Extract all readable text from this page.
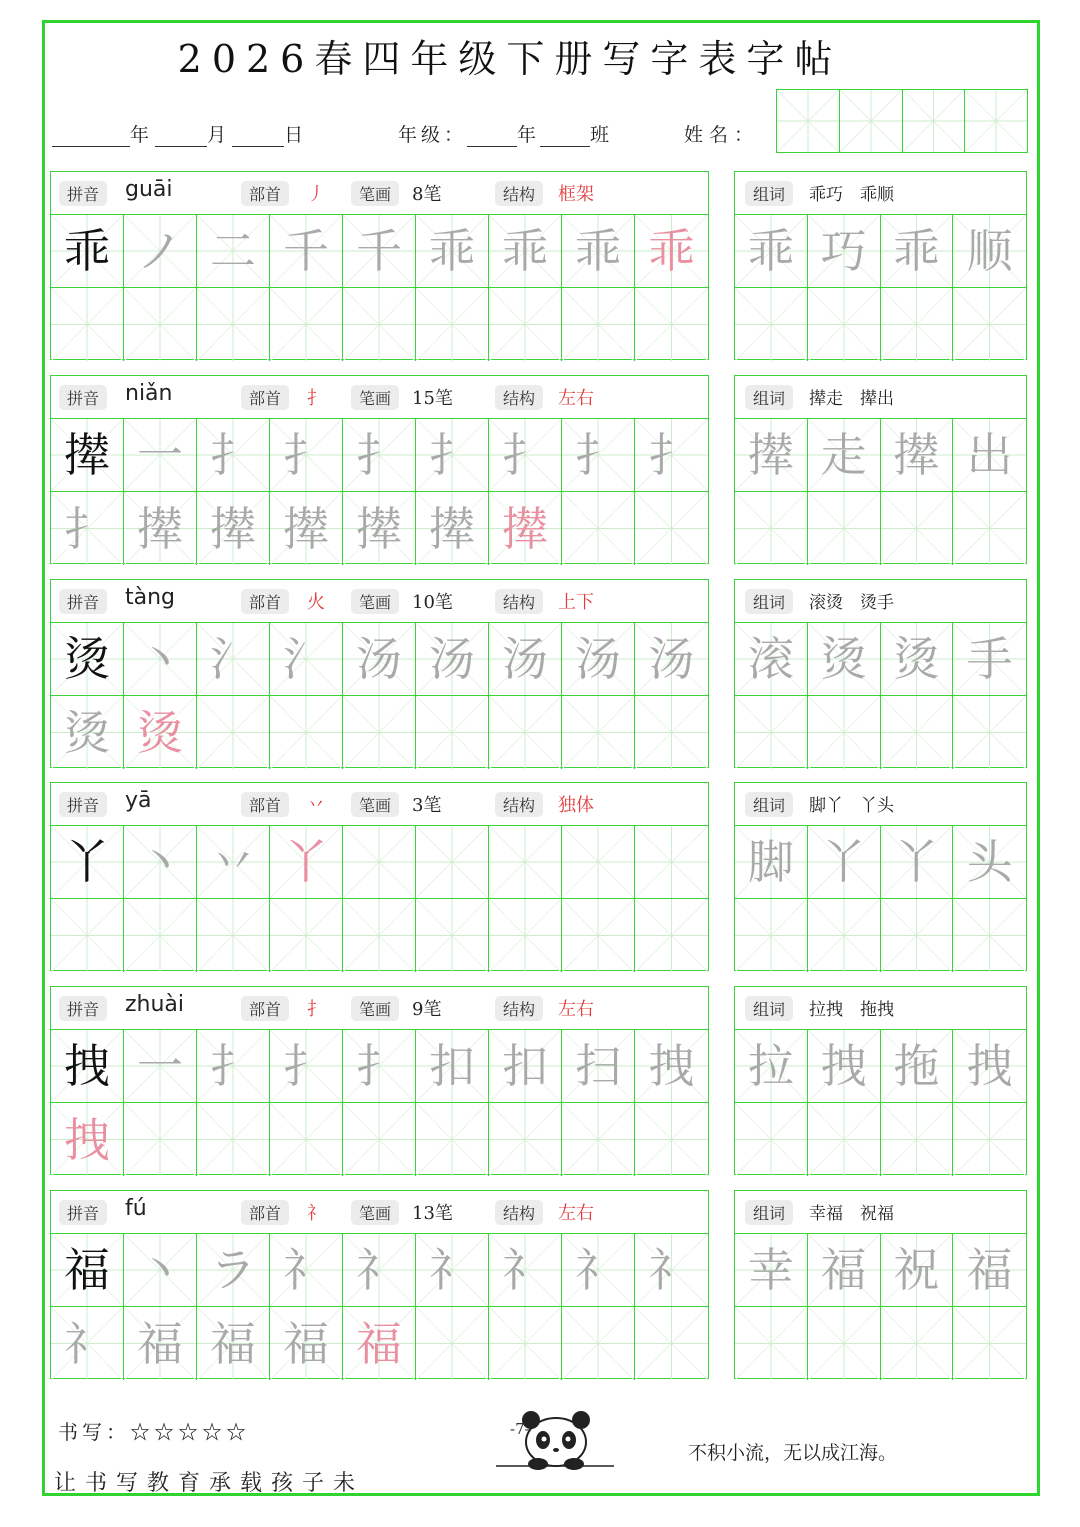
2026春四年级下册写字表字帖
年	月	日	年级：	年	班	姓名：
拼音	guāi	部首	丿	笔画	8笔	结构	框架
乖 ノ 二 千 千 乖 乖 乖 乖
组词	乖巧　乖顺
乖 巧 乖 顺
拼音	niǎn	部首	扌	笔画	15笔	结构	左右
撵 一 扌 扌 扌 扌 扌 扌 扌
扌 撵 撵 撵 撵 撵 撵
组词	撵走　撵出
撵 走 撵 出
拼音	tàng	部首	火	笔画	10笔	结构	上下
烫 丶 氵 氵 汤 汤 汤 汤 汤
烫 烫
组词	滚烫　烫手
滚 烫 烫 手
拼音	yā	部首	丷	笔画	3笔	结构	独体
丫 丶 丷 丫
组词	脚丫　丫头
脚 丫 丫 头
拼音	zhuài	部首	扌	笔画	9笔	结构	左右
拽 一 扌 扌 扌 扣 扣 扫 拽
拽
组词	拉拽　拖拽
拉 拽 拖 拽
拼音	fú	部首	礻	笔画	13笔	结构	左右
福 丶 ラ 礻 礻 礻 礻 礻 礻
礻 福 福 福 福
组词	幸福　祝福
幸 福 祝 福
书写：☆☆☆☆☆
让书写教育承载孩子未
不积小流，无以成江海。
-7-
